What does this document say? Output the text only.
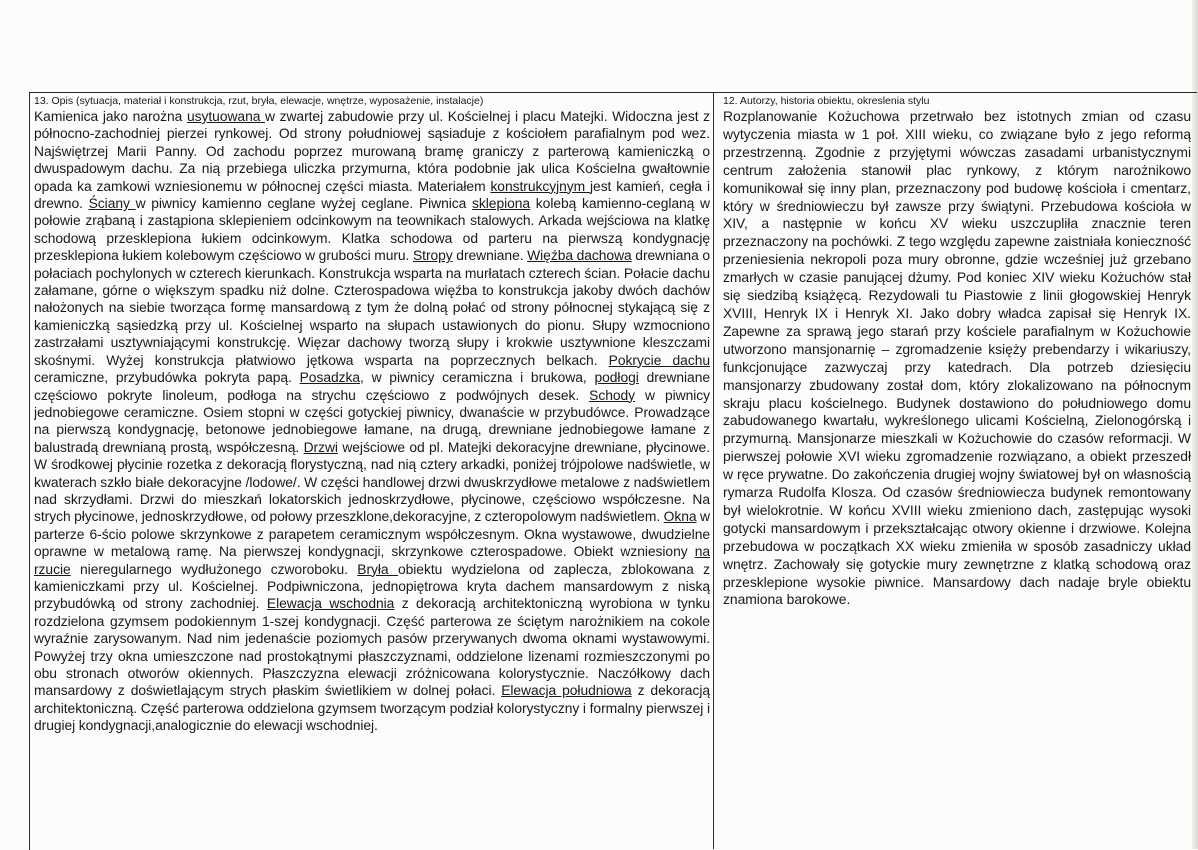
13. Opis (sytuacja, materiał i konstrukcja, rzut, bryła, elewacje, wnętrze, wyposażenie, instalacje)

Kamienica jako narożna usytuowana w zwartej zabudowie przy ul. Kościelnej i placu Matejki. Widoczna jest z północno-zachodniej pierzei rynkowej. Od strony południowej sąsiaduje z kościołem parafialnym pod wez. Najświętrzej Marii Panny. Od zachodu poprzez murowaną bramę graniczy z parterową kamieniczką o dwuspadowym dachu. Za nią przebiega uliczka przymurna, która podobnie jak ulica Kościelna gwałtownie opada ka zamkowi wzniesionemu w północnej części miasta. Materiałem konstrukcyjnym jest kamień, cegła i drewno. Ściany w piwnicy kamienno ceglane wyżej ceglane. Piwnica sklepiona kolebą kamienno-ceglaną w połowie zrąbaną i zastąpiona sklepieniem odcinkowym na teownikach stalowych. Arkada wejściowa na klatkę schodową przesklepiona łukiem odcinkowym. Klatka schodowa od parteru na pierwszą kondygnację przesklepiona łukiem kolebowym częściowo w grubości muru. Stropy drewniane. Więźba dachowa drewniana o połaciach pochylonych w czterech kierunkach. Konstrukcja wsparta na murłatach czterech ścian. Połacie dachu załamane, górne o większym spadku niż dolne. Czterospadowa więźba to konstrukcja jakoby dwóch dachów nałożonych na siebie tworząca formę mansardową z tym że dolną połać od strony północnej stykającą się z kamieniczką sąsiedzką przy ul. Kościelnej wsparto na słupach ustawionych do pionu. Słupy wzmocniono zastrzałami usztywniającymi konstrukcję. Więzar dachowy tworzą słupy i krokwie usztywnione kleszczami skośnymi. Wyżej konstrukcja płatwiowo jętkowa wsparta na poprzecznych belkach. Pokrycie dachu ceramiczne, przybudówka pokryta papą. Posadzka, w piwnicy ceramiczna i brukowa, podłogi drewniane częściowo pokryte linoleum, podłoga na strychu częściowo z podwójnych desek. Schody w piwnicy jednobiegowe ceramiczne. Osiem stopni w części gotyckiej piwnicy, dwanaście w przybudówce. Prowadzące na pierwszą kondygnację, betonowe jednobiegowe łamane, na drugą, drewniane jednobiegowe łamane z balustradą drewnianą prostą, współczesną. Drzwi wejściowe od pl. Matejki dekoracyjne drewniane, płycinowe. W środkowej płycinie rozetka z dekoracją florystyczną, nad nią cztery arkadki, poniżej trójpolowe nadświetle, w kwaterach szkło białe dekoracyjne /lodowe/. W części handlowej drzwi dwuskrzydłowe metalowe z nadświetlem nad skrzydłami. Drzwi do mieszkań lokatorskich jednoskrzydłowe, płycinowe, częściowo współczesne. Na strych płycinowe, jednoskrzydłowe, od połowy przeszklone,dekoracyjne, z czteropolowym nadświetlem. Okna w parterze 6-ścio polowe skrzynkowe z parapetem ceramicznym współczesnym. Okna wystawowe, dwudzielne oprawne w metalową ramę. Na pierwszej kondygnacji, skrzynkowe czterospadowe. Obiekt wzniesiony na rzucie nieregularnego wydłużonego czworoboku. Bryła obiektu wydzielona od zaplecza, zblokowana z kamieniczkami przy ul. Kościelnej. Podpiwniczona, jednopiętrowa kryta dachem mansardowym z niską przybudówką od strony zachodniej. Elewacja wschodnia z dekoracją architektoniczną wyrobiona w tynku rozdzielona gzymsem podokiennym 1-szej kondygnacji. Część parterowa ze ściętym narożnikiem na cokole wyraźnie zarysowanym. Nad nim jedenaście poziomych pasów przerywanych dwoma oknami wystawowymi. Powyżej trzy okna umieszczone nad prostokątnymi płaszczyznami, oddzielone lizenami rozmieszczonymi po obu stronach otworów okiennych. Płaszczyzna elewacji zróżnicowana kolorystycznie. Naczółkowy dach mansardowy z doświetlającym strych płaskim świetlikiem w dolnej połaci. Elewacja południowa z dekoracją architektoniczną. Część parterowa oddzielona gzymsem tworzącym podział kolorystyczny i formalny pierwszej i drugiej kondygnacji,analogicznie do elewacji wschodniej.

12. Autorzy, historia obiektu, okreslenia stylu

Rozplanowanie Kożuchowa przetrwało bez istotnych zmian od czasu wytyczenia miasta w 1 poł. XIII wieku, co związane było z jego reformą przestrzenną. Zgodnie z przyjętymi wówczas zasadami urbanistycznymi centrum założenia stanowił plac rynkowy, z którym narożnikowo komunikował się inny plan, przeznaczony pod budowę kościoła i cmentarz, który w średniowieczu był zawsze przy świątyni. Przebudowa kościoła w XIV, a następnie w końcu XV wieku uszczupliła znacznie teren przeznaczony na pochówki. Z tego względu zapewne zaistniała konieczność przeniesienia nekropoli poza mury obronne, gdzie wcześniej już grzebano zmarłych w czasie panującej dżumy. Pod koniec XIV wieku Kożuchów stał się siedzibą książęcą. Rezydowali tu Piastowie z linii głogowskiej Henryk XVIII, Henryk IX i Henryk XI. Jako dobry władca zapisał się Henryk IX. Zapewne za sprawą jego starań przy kościele parafialnym w Kożuchowie utworzono mansjonarnię – zgromadzenie księży prebendarzy i wikariuszy, funkcjonujące zazwyczaj przy katedrach. Dla potrzeb dziesięciu mansjonarzy zbudowany został dom, który zlokalizowano na północnym skraju placu kościelnego. Budynek dostawiono do południowego domu zabudowanego kwartału, wykreślonego ulicami Kościelną, Zielonogórską i przymurną. Mansjonarze mieszkali w Kożuchowie do czasów reformacji. W pierwszej połowie XVI wieku zgromadzenie rozwiązano, a obiekt przeszedł w ręce prywatne. Do zakończenia drugiej wojny światowej był on własnością rymarza Rudolfa Klosza. Od czasów średniowiecza budynek remontowany był wielokrotnie. W końcu XVIII wieku zmieniono dach, zastępując wysoki gotycki mansardowym i przekształcając otwory okienne i drzwiowe. Kolejna przebudowa w początkach XX wieku zmieniła w sposób zasadniczy układ wnętrz. Zachowały się gotyckie mury zewnętrzne z klatką schodową oraz przesklepione wysokie piwnice. Mansardowy dach nadaje bryle obiektu znamiona barokowe.
